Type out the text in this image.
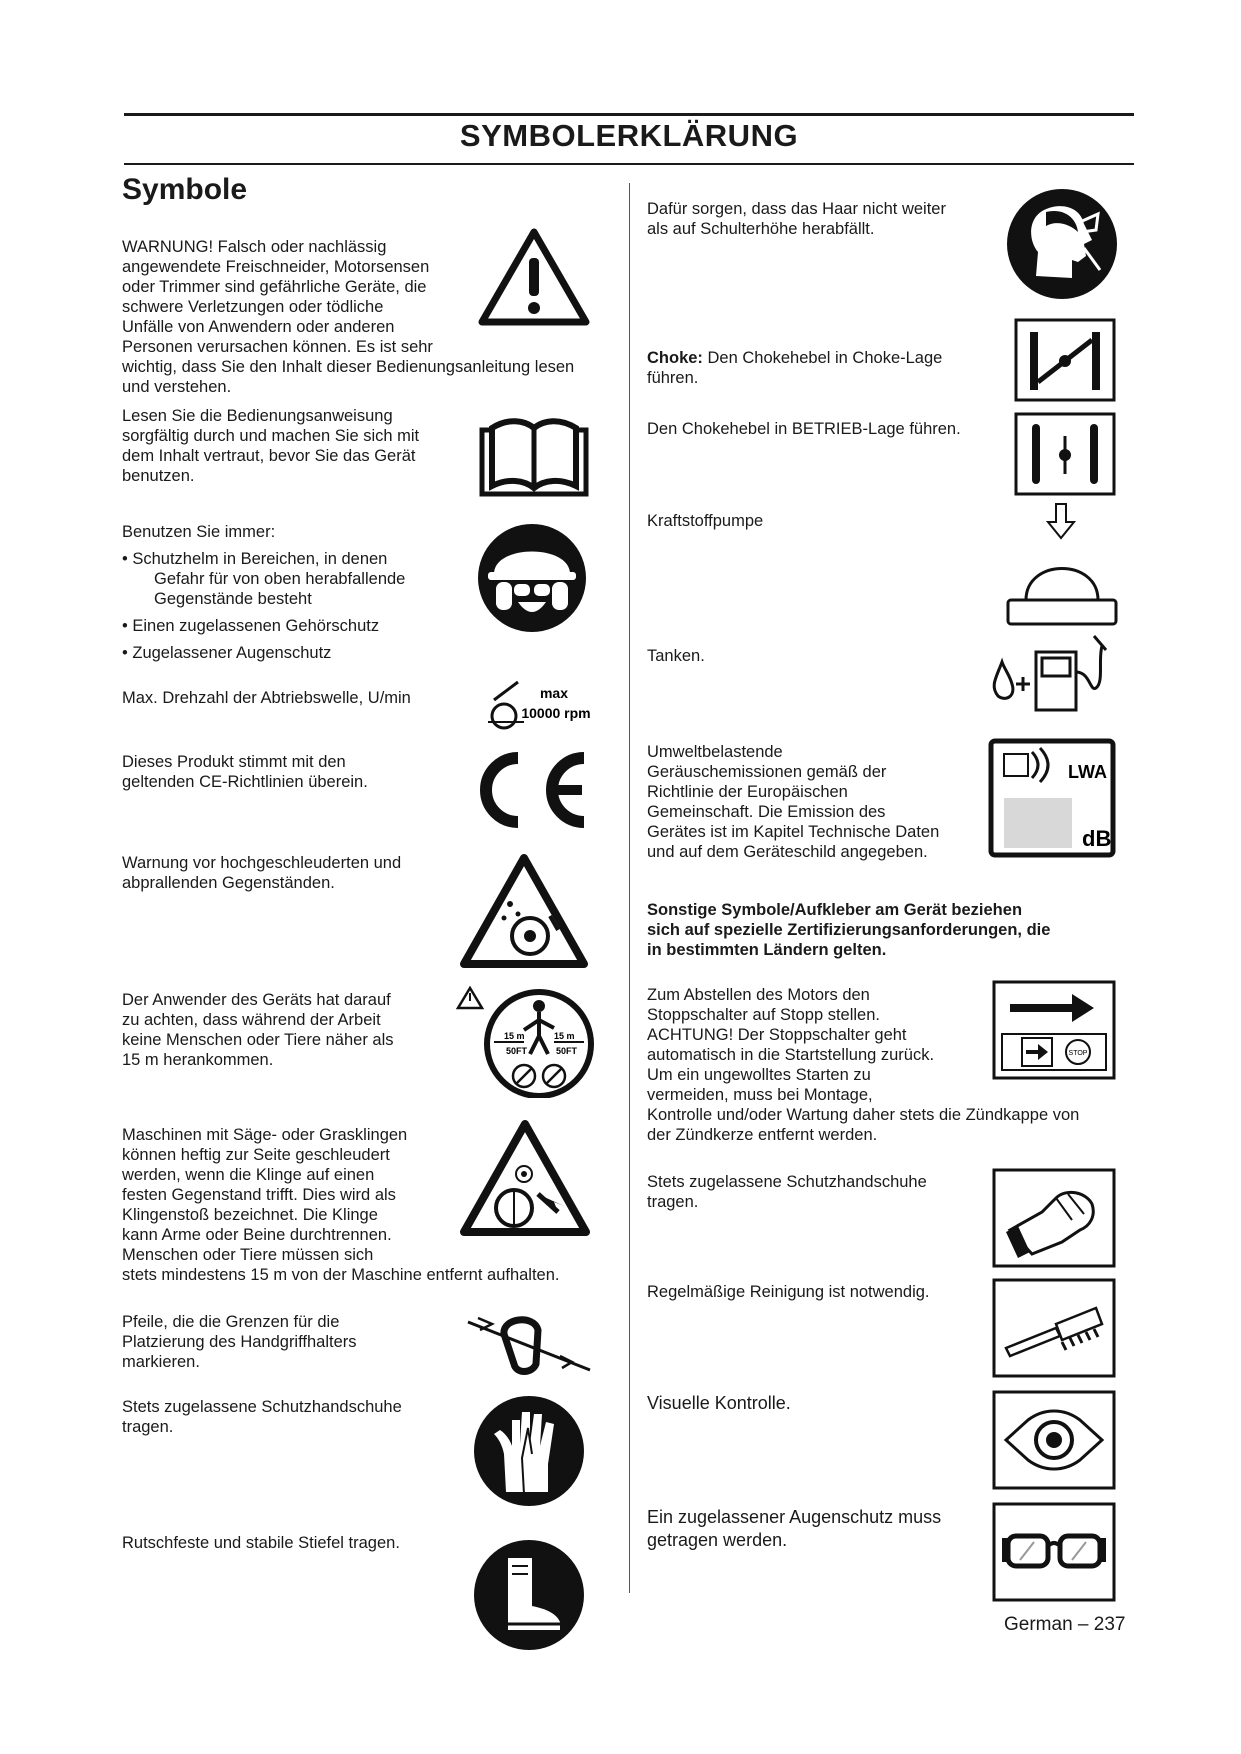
SYMBOLERKLÄRUNG
Symbole
WARNUNG! Falsch oder nachlässig
angewendete Freischneider, Motorsensen
oder Trimmer sind gefährliche Geräte, die
schwere Verletzungen oder tödliche
Unfälle von Anwendern oder anderen
Personen verursachen können. Es ist sehr
wichtig, dass Sie den Inhalt dieser Bedienungsanleitung lesen
und verstehen.
Lesen Sie die Bedienungsanweisung
sorgfältig durch und machen Sie sich mit
dem Inhalt vertraut, bevor Sie das Gerät
benutzen.
Benutzen Sie immer:
• Schutzhelm in Bereichen, in denen
Gefahr für von oben herabfallende
Gegenstände besteht
• Einen zugelassenen Gehörschutz
• Zugelassener Augenschutz
Max. Drehzahl der Abtriebswelle, U/min
Dieses Produkt stimmt mit den
geltenden CE-Richtlinien überein.
Warnung vor hochgeschleuderten und
abprallenden Gegenständen.
Der Anwender des Geräts hat darauf
zu achten, dass während der Arbeit
keine Menschen oder Tiere näher als
15 m herankommen.
Maschinen mit Säge- oder Grasklingen
können heftig zur Seite geschleudert
werden, wenn die Klinge auf einen
festen Gegenstand trifft. Dies wird als
Klingenstoß bezeichnet. Die Klinge
kann Arme oder Beine durchtrennen.
Menschen oder Tiere müssen sich
stets mindestens 15 m von der Maschine entfernt aufhalten.
Pfeile, die die Grenzen für die
Platzierung des Handgriffhalters
markieren.
Stets zugelassene Schutzhandschuhe
tragen.
Rutschfeste und stabile Stiefel tragen.
Dafür sorgen, dass das Haar nicht weiter
als auf Schulterhöhe herabfällt.
Choke: Den Chokehebel in Choke-Lage
führen.
Den Chokehebel in BETRIEB-Lage führen.
Kraftstoffpumpe
Tanken.
Umweltbelastende
Geräuschemissionen gemäß der
Richtlinie der Europäischen
Gemeinschaft. Die Emission des
Gerätes ist im Kapitel Technische Daten
und auf dem Geräteschild angegeben.
Sonstige Symbole/Aufkleber am Gerät beziehen
sich auf spezielle Zertifizierungsanforderungen, die
in bestimmten Ländern gelten.
Zum Abstellen des Motors den
Stoppschalter auf Stopp stellen.
ACHTUNG! Der Stoppschalter geht
automatisch in die Startstellung zurück.
Um ein ungewolltes Starten zu
vermeiden, muss bei Montage,
Kontrolle und/oder Wartung daher stets die Zündkappe von
der Zündkerze entfernt werden.
Stets zugelassene Schutzhandschuhe
tragen.
Regelmäßige Reinigung ist notwendig.
Visuelle Kontrolle.
Ein zugelassener Augenschutz muss
getragen werden.
German – 237
max
10000 rpm
15 m
50FT
15 m
50FT
LWA
dB
STOP
